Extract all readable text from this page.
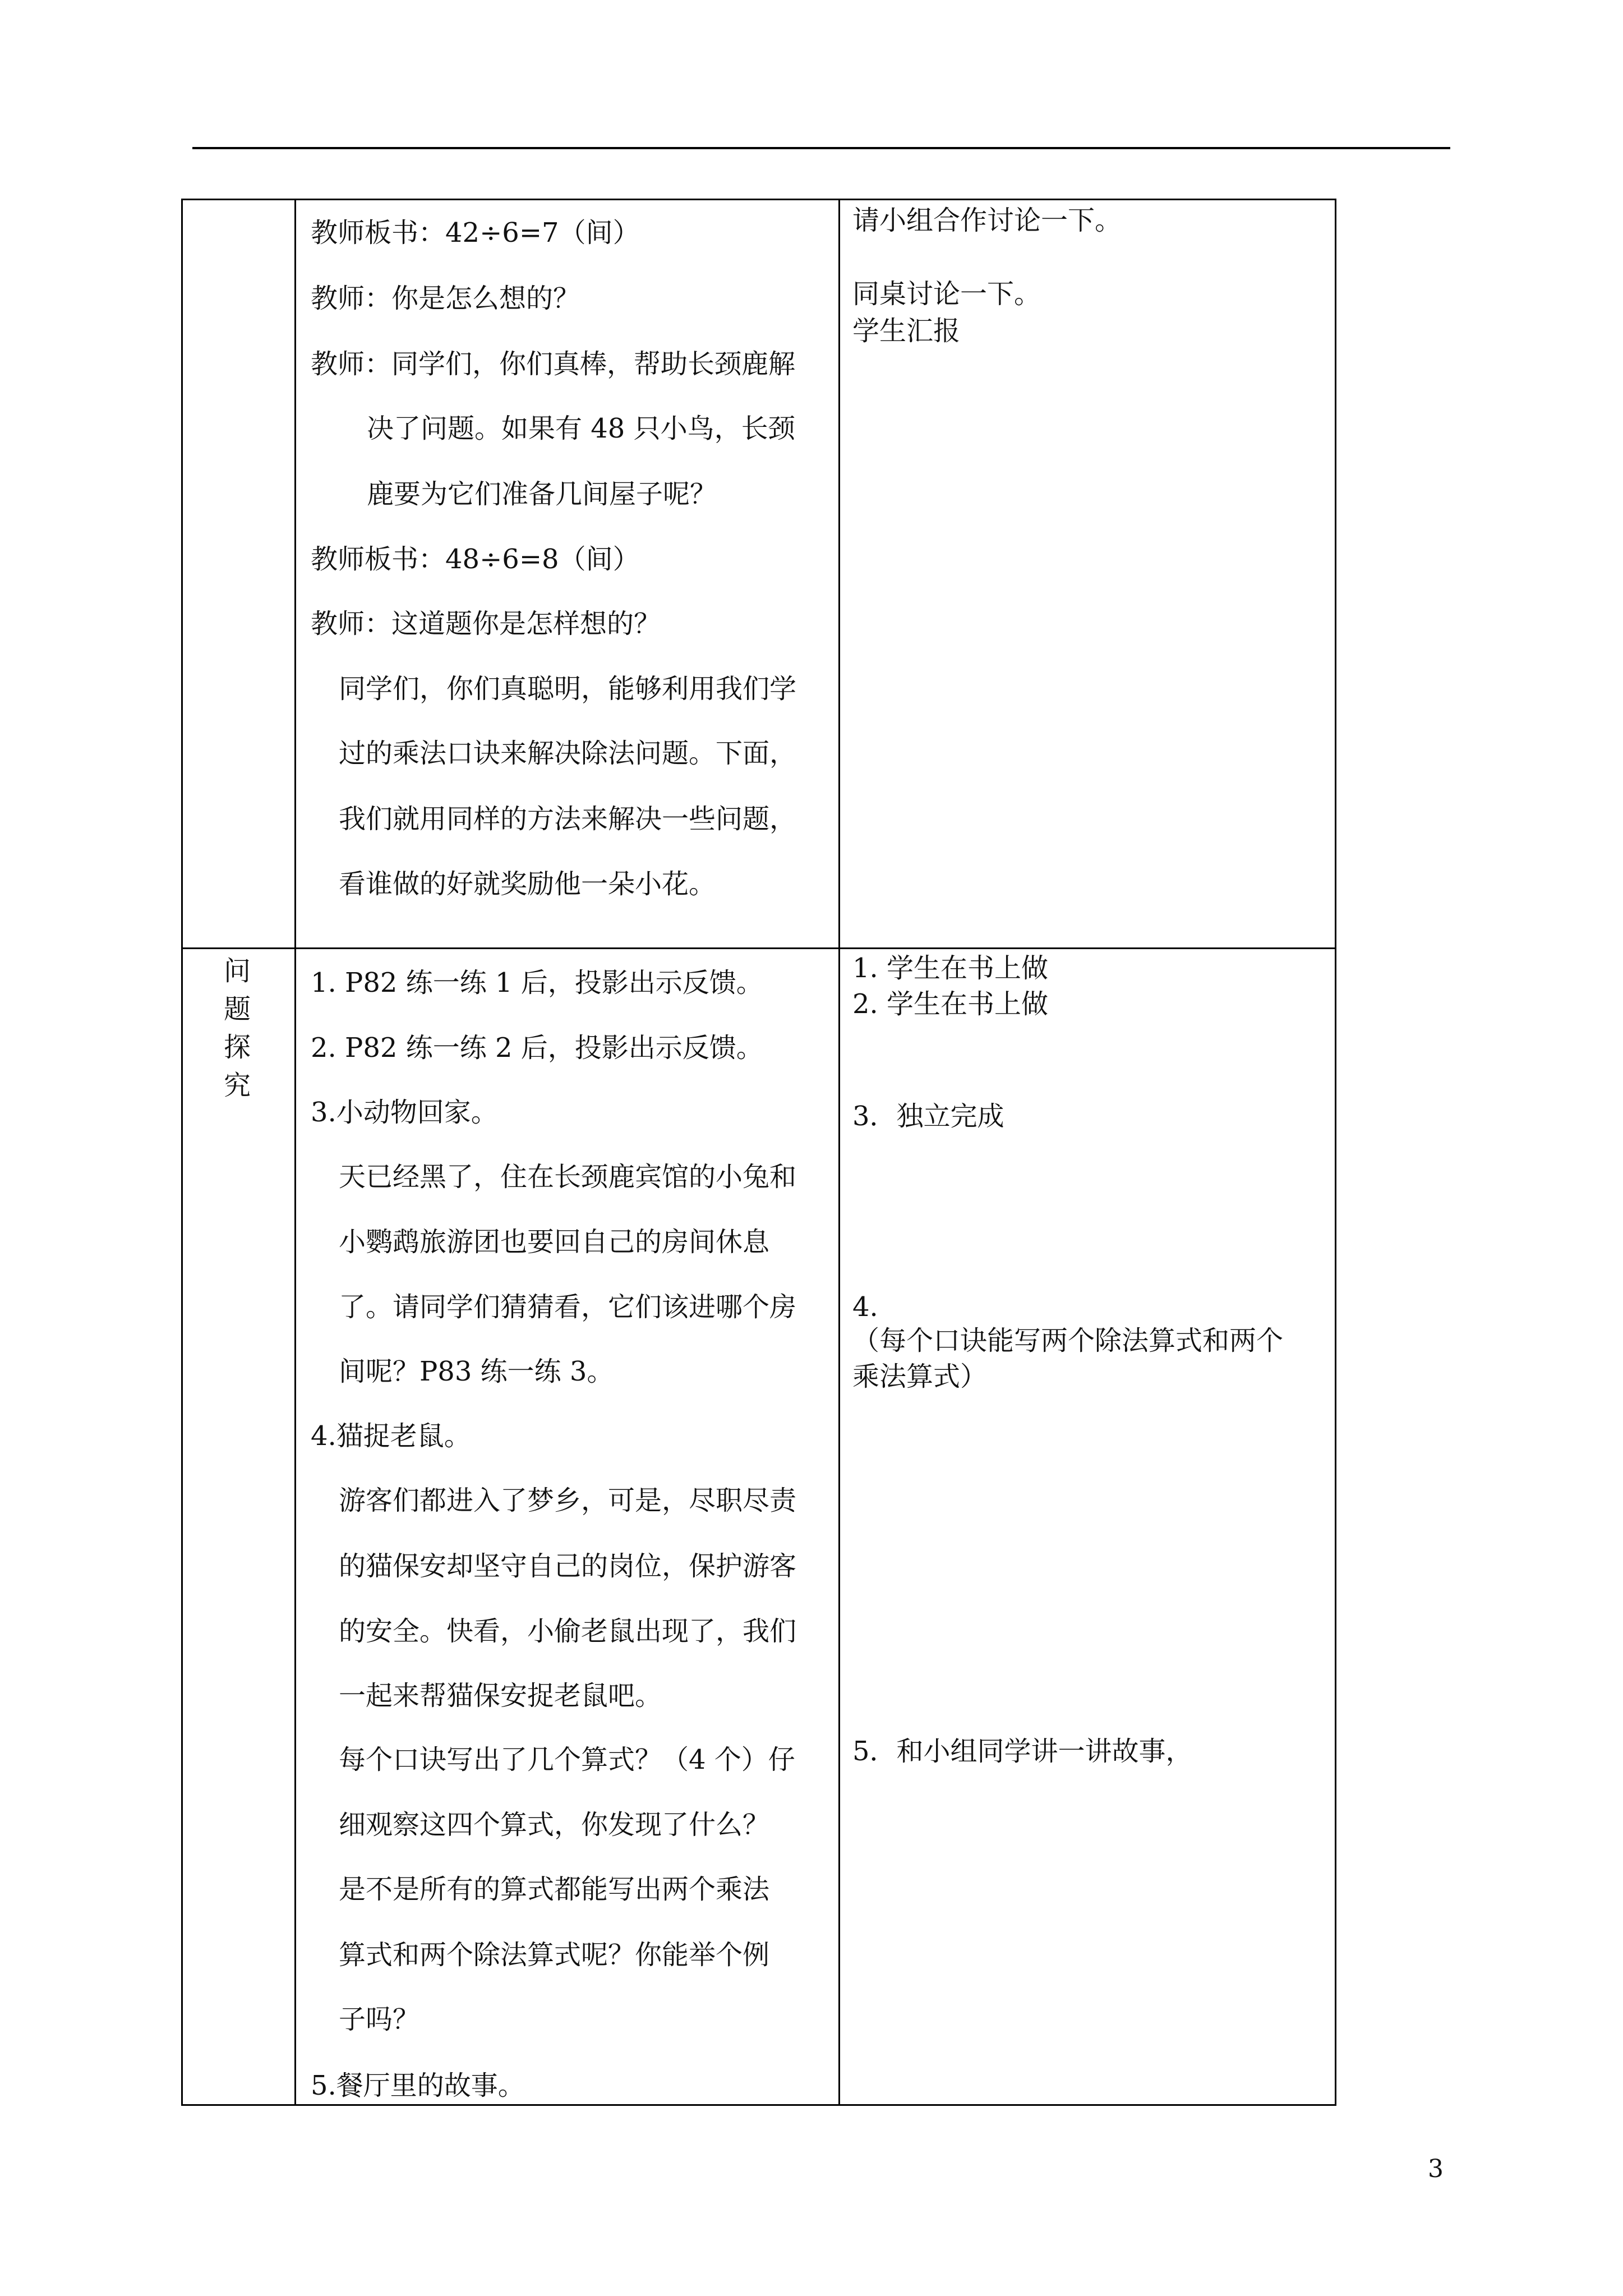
教师板书：42÷6=7（间）
教师：你是怎么想的？
教师：同学们，你们真棒，帮助长颈鹿解
决了问题。如果有 48 只小鸟，长颈
鹿要为它们准备几间屋子呢？
教师板书：48÷6=8（间）
教师：这道题你是怎样想的？
同学们，你们真聪明，能够利用我们学
过的乘法口诀来解决除法问题。下面，
我们就用同样的方法来解决一些问题，
看谁做的好就奖励他一朵小花。
请小组合作讨论一下。
同桌讨论一下。
学生汇报
问
题
探
究
1. P82 练一练 1 后，投影出示反馈。
2. P82 练一练 2 后，投影出示反馈。
3.小动物回家。
天已经黑了，住在长颈鹿宾馆的小兔和
小鹦鹉旅游团也要回自己的房间休息
了。请同学们猜猜看，它们该进哪个房
间呢？P83 练一练 3。
4.猫捉老鼠。
游客们都进入了梦乡，可是，尽职尽责
的猫保安却坚守自己的岗位，保护游客
的安全。快看，小偷老鼠出现了，我们
一起来帮猫保安捉老鼠吧。
每个口诀写出了几个算式？（4 个）仔
细观察这四个算式，你发现了什么？
是不是所有的算式都能写出两个乘法
算式和两个除法算式呢？你能举个例
子吗？
5.餐厅里的故事。
1. 学生在书上做
2. 学生在书上做
3．独立完成
4.
（每个口诀能写两个除法算式和两个
乘法算式）
5．和小组同学讲一讲故事，
3
